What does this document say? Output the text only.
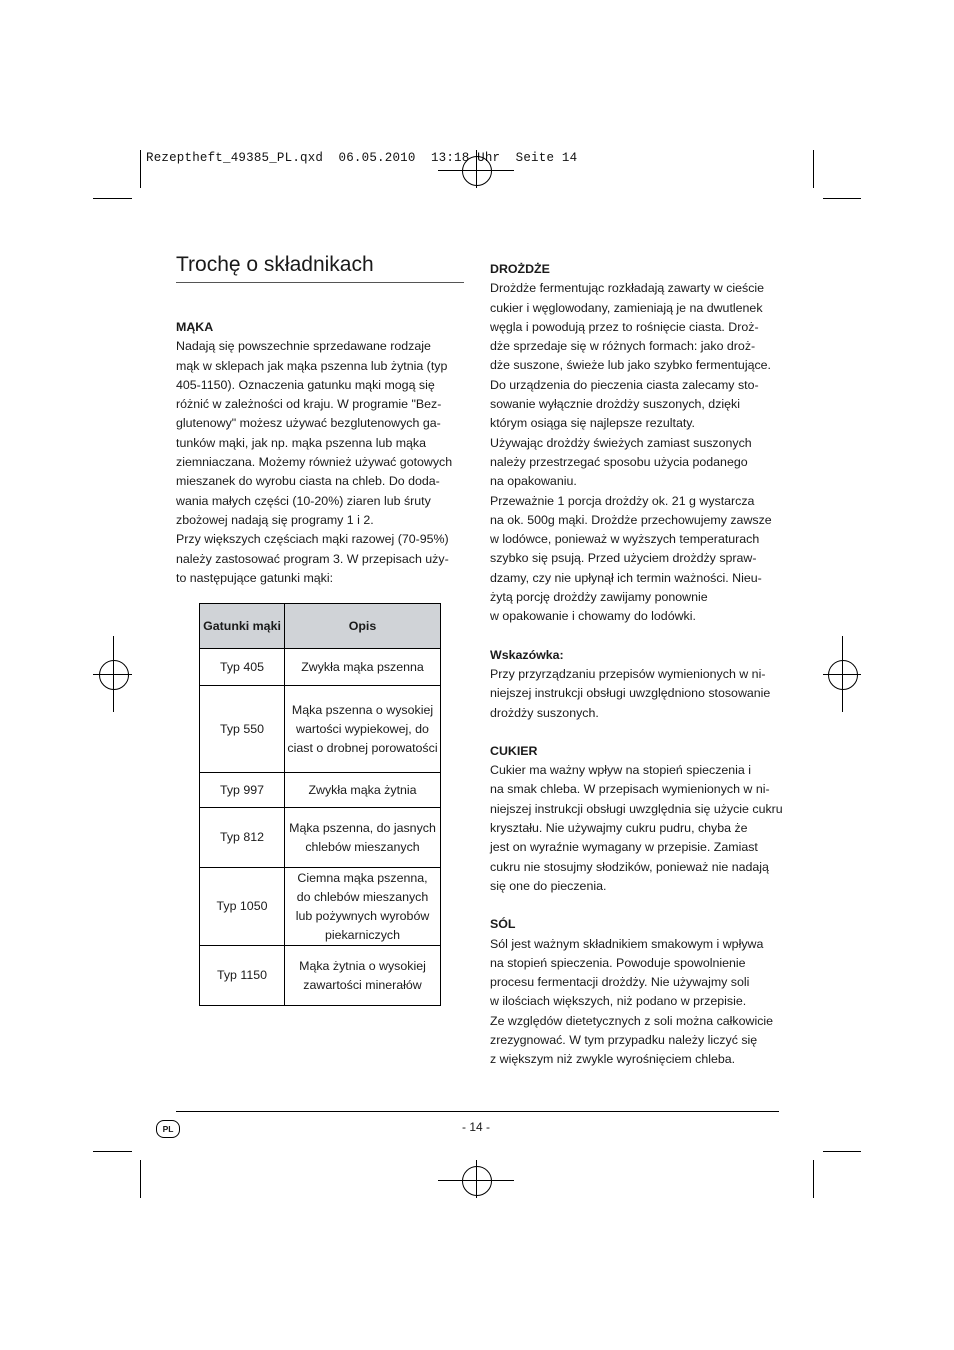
Rezeptheft_49385_PL.qxd  06.05.2010  13:18 Uhr  Seite 14
Trochę o składnikach
MĄKA

Nadają się powszechnie sprzedawane rodzaje
mąk w sklepach jak mąka pszenna lub żytnia (typ
405-1150). Oznaczenia gatunku mąki mogą się
różnić w zależności od kraju. W programie "Bez-
glutenowy" możesz używać bezglutenowych ga-
tunków mąki, jak np. mąka pszenna lub mąka
ziemniaczana. Możemy również używać gotowych
mieszanek do wyrobu ciasta na chleb. Do doda-
wania małych części (10-20%) ziaren lub śruty
zbożowej nadają się programy 1 i 2.

Przy większych częściach mąki razowej (70-95%)
należy zastosować program 3. W przepisach uży-
to następujące gatunki mąki:

Gatunki mąki	Opis
Typ 405	Zwykła mąka pszenna

Typ 550	Mąka pszenna o wysokiej
wartości wypiekowej, do
ciast o drobnej porowatości

Typ 997	Zwykła mąka żytnia

Typ 812	Mąka pszenna, do jasnych
chlebów mieszanych

Typ 1050	Ciemna mąka pszenna,
do chlebów mieszanych
lub pożywnych wyrobów
piekarniczych

Typ 1150	Mąka żytnia o wysokiej
zawartości minerałów
DROŻDŻE

Drożdże fermentując rozkładają zawarty w cieście
cukier i węglowodany, zamieniają je na dwutlenek
węgla i powodują przez to rośnięcie ciasta. Droż-
dże sprzedaje się w różnych formach: jako droż-
dże suszone, świeże lub jako szybko fermentujące.
Do urządzenia do pieczenia ciasta zalecamy sto-
sowanie wyłącznie drożdży suszonych, dzięki
którym osiąga się najlepsze rezultaty.

Używając drożdży świeżych zamiast suszonych
należy przestrzegać sposobu użycia podanego
na opakowaniu.

Przeważnie 1 porcja drożdży ok. 21 g wystarcza
na ok. 500g mąki. Drożdże przechowujemy zawsze
w lodówce, ponieważ w wyższych temperaturach
szybko się psują. Przed użyciem drożdży spraw-
dzamy, czy nie upłynął ich termin ważności. Nieu-
żytą porcję drożdży zawijamy ponownie
w opakowanie i chowamy do lodówki.

Wskazówka:

Przy przyrządzaniu przepisów wymienionych w ni-
niejszej instrukcji obsługi uwzględniono stosowanie
drożdży suszonych.

CUKIER

Cukier ma ważny wpływ na stopień spieczenia i
na smak chleba. W przepisach wymienionych w ni-
niejszej instrukcji obsługi uwzględnia się użycie cukru
kryształu. Nie używajmy cukru pudru, chyba że
jest on wyraźnie wymagany w przepisie. Zamiast
cukru nie stosujmy słodzików, ponieważ nie nadają
się one do pieczenia.

SÓL

Sól jest ważnym składnikiem smakowym i wpływa
na stopień spieczenia. Powoduje spowolnienie
procesu fermentacji drożdży. Nie używajmy soli
w ilościach większych, niż podano w przepisie.
Ze względów dietetycznych z soli można całkowicie
zrezygnować. W tym przypadku należy liczyć się
z większym niż zwykle wyrośnięciem chleba.

PL	- 14 -
